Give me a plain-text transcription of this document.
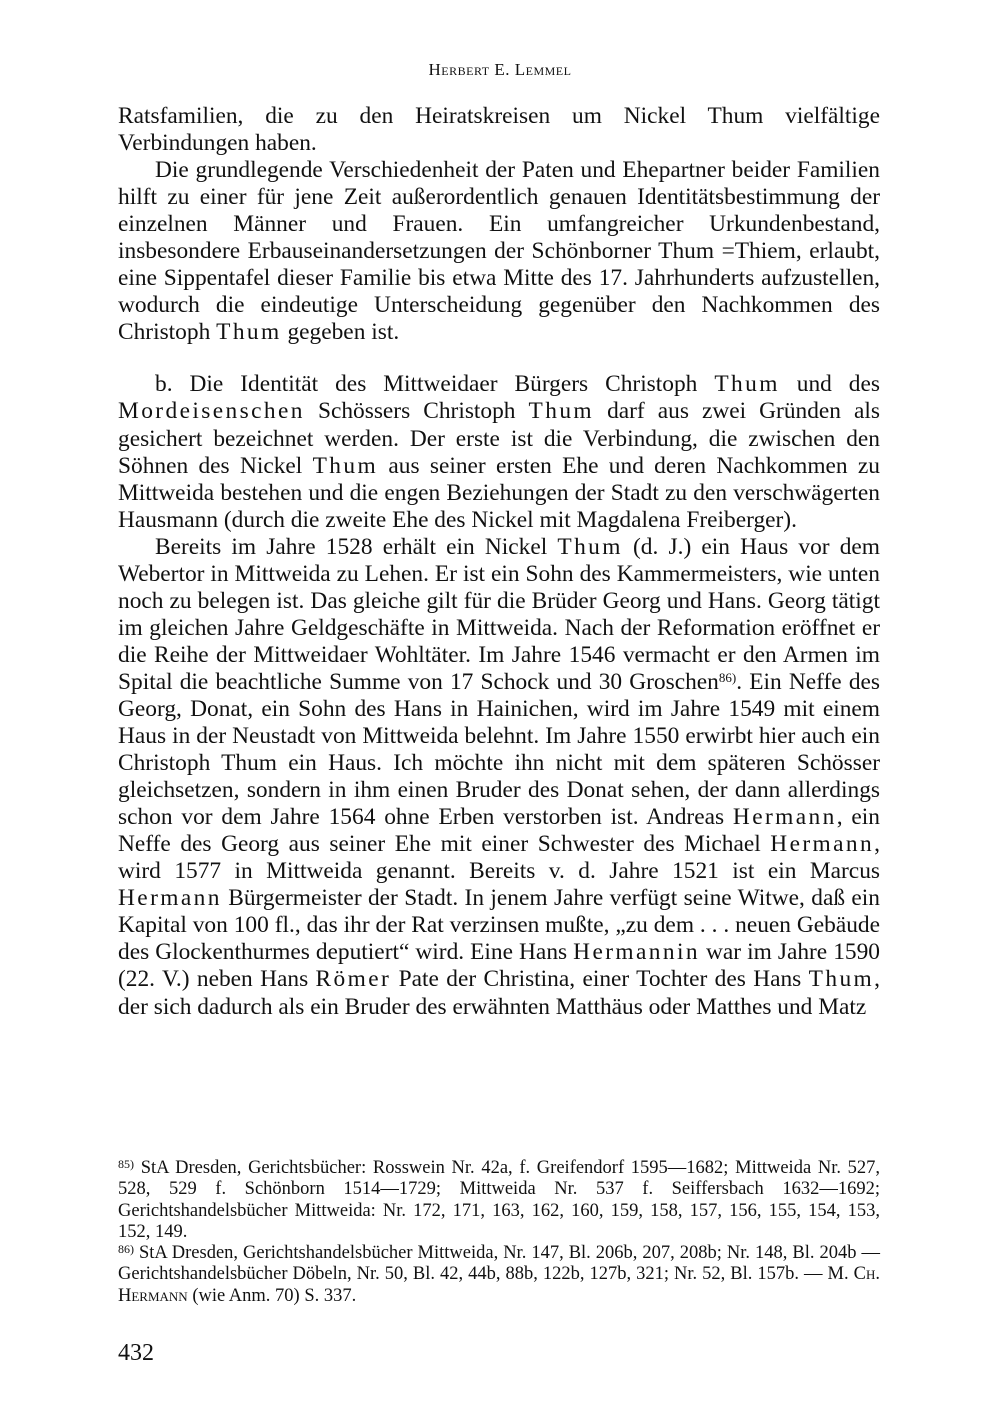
Herbert E. Lemmel

Ratsfamilien, die zu den Heiratskreisen um Nickel Thum vielfältige Verbindungen haben.

Die grundlegende Verschiedenheit der Paten und Ehepartner beider Familien hilft zu einer für jene Zeit außerordentlich genauen Identitätsbestimmung der einzelnen Männer und Frauen. Ein umfangreicher Urkundenbestand, insbesondere Erbauseinandersetzungen der Schönborner Thum =Thiem, erlaubt, eine Sippentafel dieser Familie bis etwa Mitte des 17. Jahrhunderts aufzustellen, wodurch die eindeutige Unterscheidung gegenüber den Nachkommen des Christoph Thum gegeben ist.

b. Die Identität des Mittweidaer Bürgers Christoph Thum und des Mordeisenschen Schössers Christoph Thum darf aus zwei Gründen als gesichert bezeichnet werden. Der erste ist die Verbindung, die zwischen den Söhnen des Nickel Thum aus seiner ersten Ehe und deren Nachkommen zu Mittweida bestehen und die engen Beziehungen der Stadt zu den verschwägerten Hausmann (durch die zweite Ehe des Nickel mit Magdalena Freiberger).

Bereits im Jahre 1528 erhält ein Nickel Thum (d. J.) ein Haus vor dem Webertor in Mittweida zu Lehen. Er ist ein Sohn des Kammermeisters, wie unten noch zu belegen ist. Das gleiche gilt für die Brüder Georg und Hans. Georg tätigt im gleichen Jahre Geldgeschäfte in Mittweida. Nach der Reformation eröffnet er die Reihe der Mittweidaer Wohltäter. Im Jahre 1546 vermacht er den Armen im Spital die beachtliche Summe von 17 Schock und 30 Groschen$^{86)}$. Ein Neffe des Georg, Donat, ein Sohn des Hans in Hainichen, wird im Jahre 1549 mit einem Haus in der Neustadt von Mittweida belehnt. Im Jahre 1550 erwirbt hier auch ein Christoph Thum ein Haus. Ich möchte ihn nicht mit dem späteren Schösser gleichsetzen, sondern in ihm einen Bruder des Donat sehen, der dann allerdings schon vor dem Jahre 1564 ohne Erben verstorben ist. Andreas Hermann, ein Neffe des Georg aus seiner Ehe mit einer Schwester des Michael Hermann, wird 1577 in Mittweida genannt. Bereits v. d. Jahre 1521 ist ein Marcus Hermann Bürgermeister der Stadt. In jenem Jahre verfügt seine Witwe, daß ein Kapital von 100 fl., das ihr der Rat verzinsen mußte, „zu dem . . . neuen Gebäude des Glockenthurmes deputiert“ wird. Eine Hans Hermannin war im Jahre 1590 (22. V.) neben Hans Römer Pate der Christina, einer Tochter des Hans Thum, der sich dadurch als ein Bruder des erwähnten Matthäus oder Matthes und Matz

$^{85)}$ StA Dresden, Gerichtsbücher: Rosswein Nr. 42a, f. Greifendorf 1595—1682; Mittweida Nr. 527, 528, 529 f. Schönborn 1514—1729; Mittweida Nr. 537 f. Seiffersbach 1632—1692; Gerichtshandelsbücher Mittweida: Nr. 172, 171, 163, 162, 160, 159, 158, 157, 156, 155, 154, 153, 152, 149.

$^{86)}$ StA Dresden, Gerichtshandelsbücher Mittweida, Nr. 147, Bl. 206b, 207, 208b; Nr. 148, Bl. 204b — Gerichtshandelsbücher Döbeln, Nr. 50, Bl. 42, 44b, 88b, 122b, 127b, 321; Nr. 52, Bl. 157b. — M. Ch. Hermann (wie Anm. 70) S. 337.

432
